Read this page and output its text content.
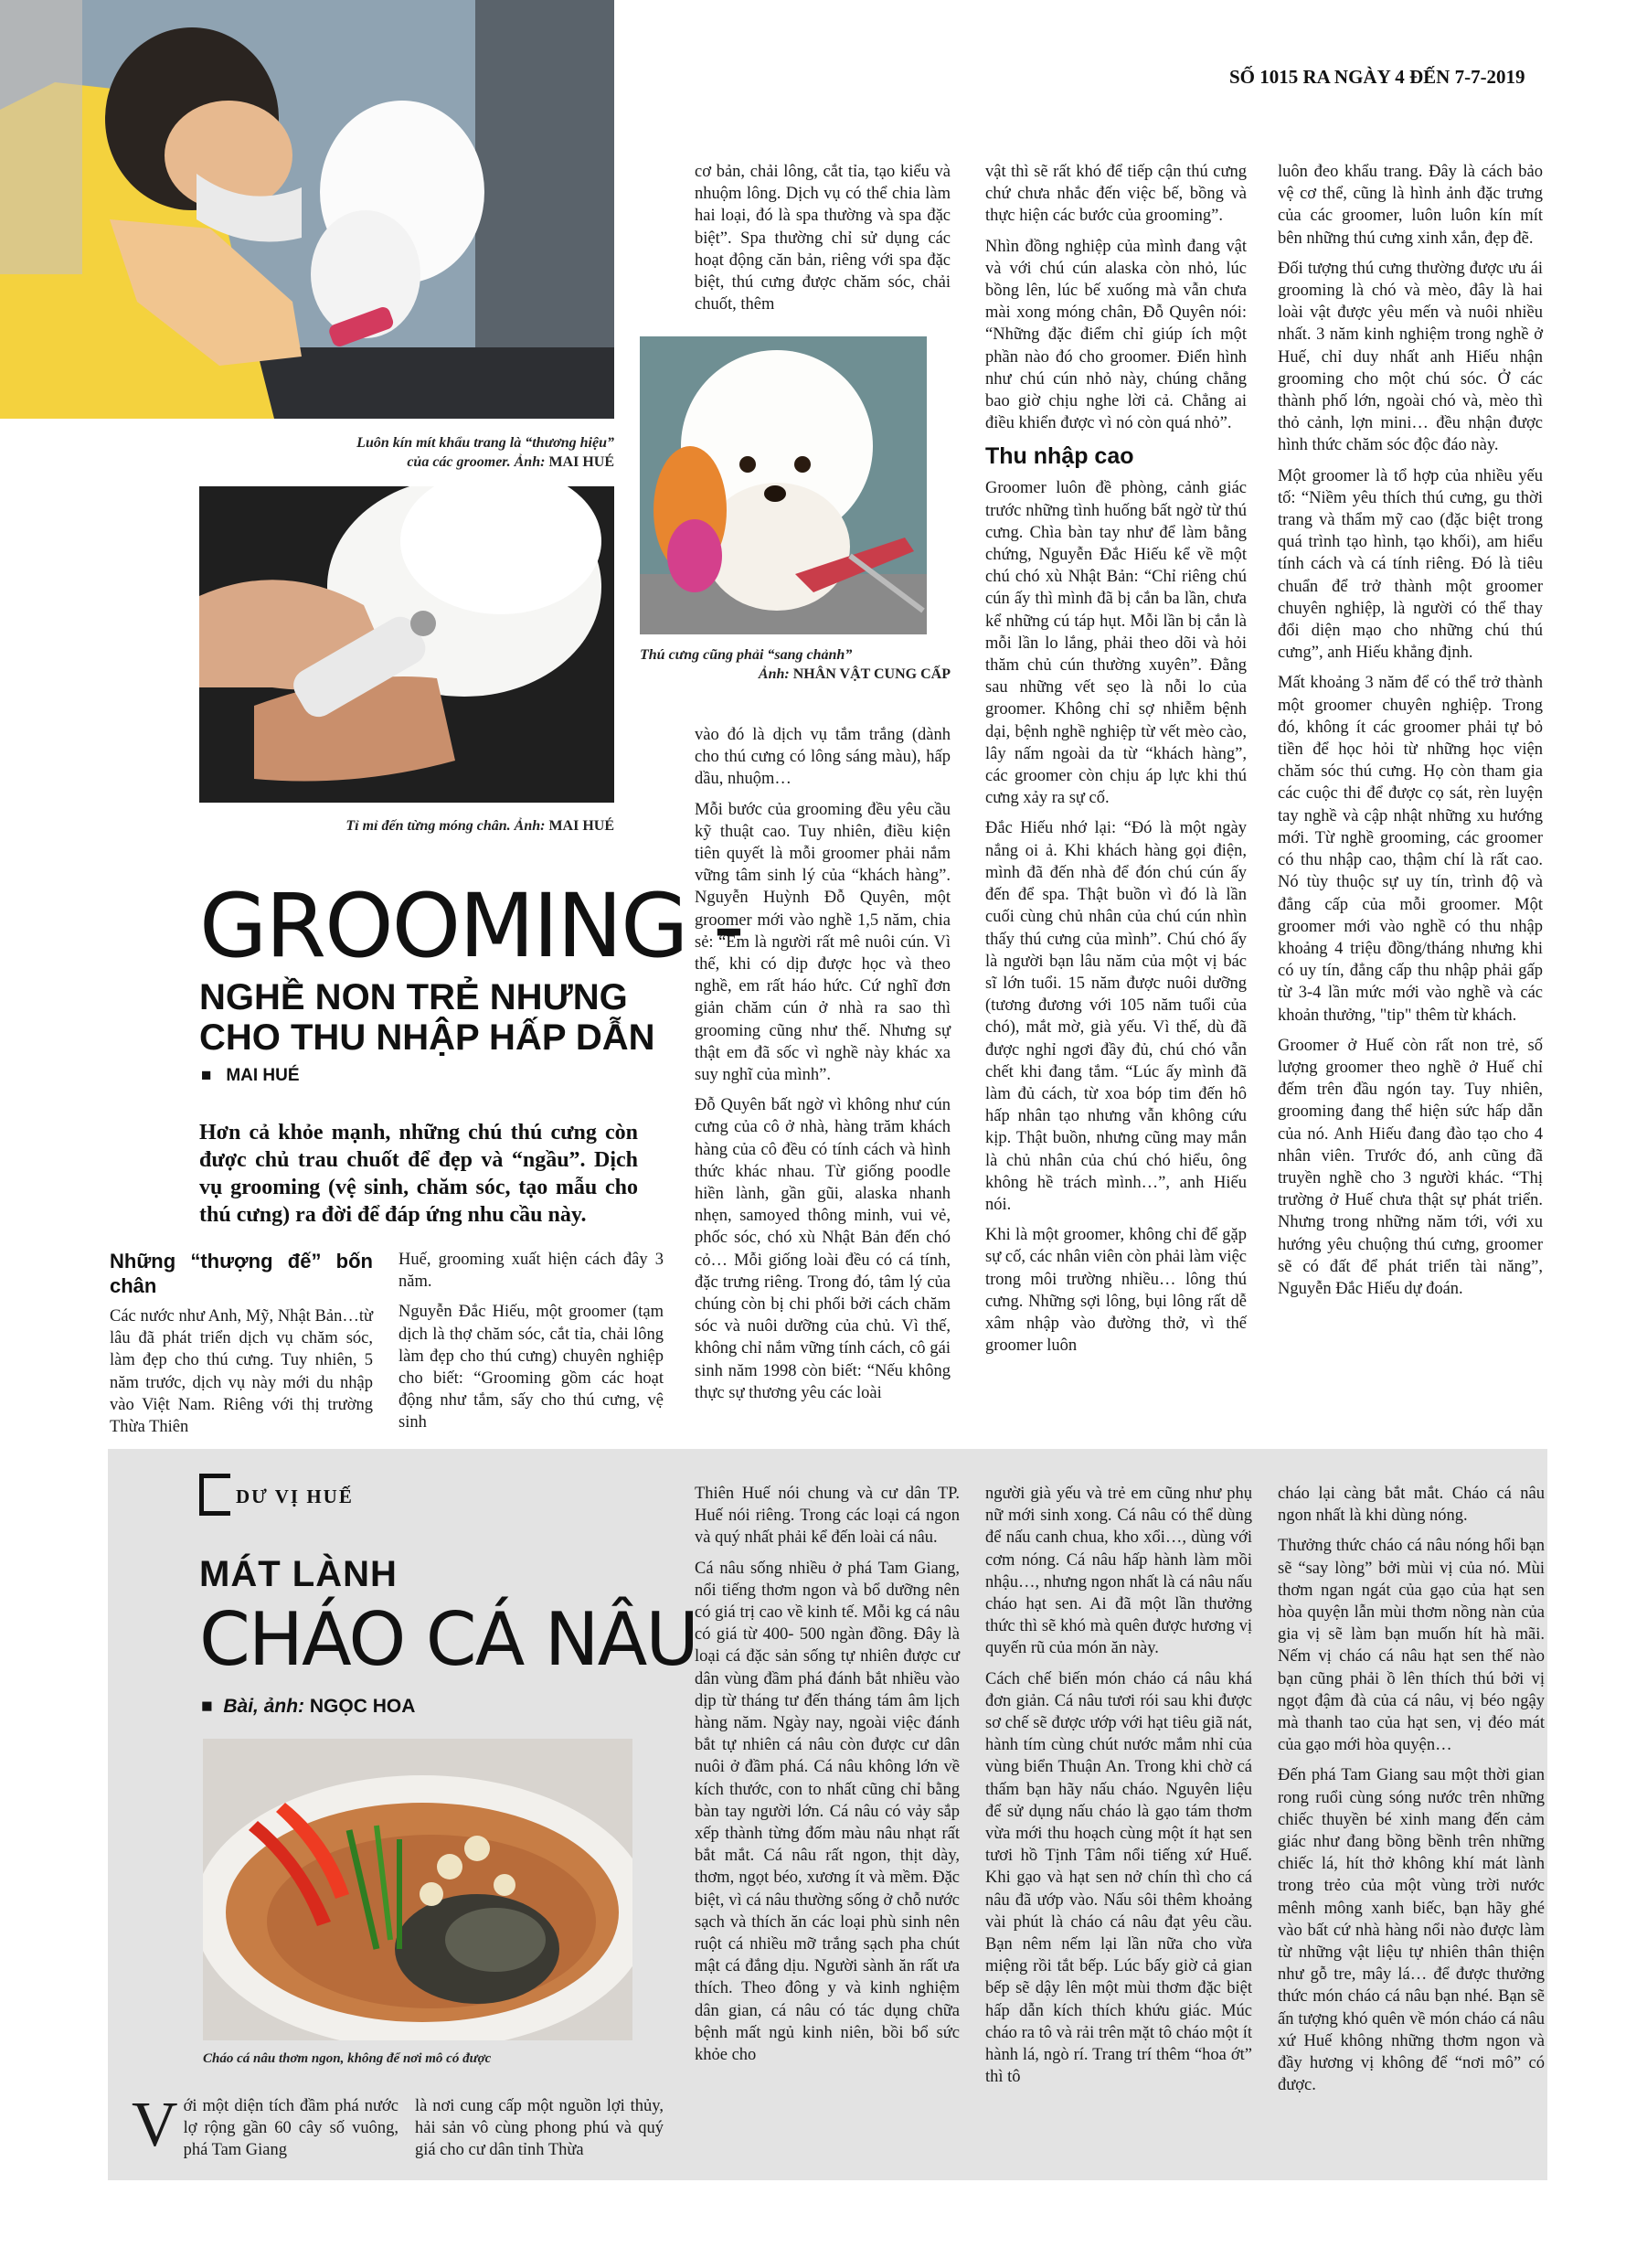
SỐ 1015 RA NGÀY 4 ĐẾN 7-7-2019
Luôn kín mít khẩu trang là “thương hiệu”
của các groomer. Ảnh: MAI HUÉ
Tỉ mỉ đến từng móng chân. Ảnh: MAI HUÉ
Thú cưng cũng phải “sang chảnh”
Ảnh: NHÂN VẬT CUNG CẤP
GROOMING -
NGHỀ NON TRẺ NHƯNG
CHO THU NHẬP HẤP DẪN
■ MAI HUÉ
Hơn cả khỏe mạnh, những chú thú cưng còn được chủ trau chuốt để đẹp và “ngầu”. Dịch vụ grooming (vệ sinh, chăm sóc, tạo mẫu cho thú cưng) ra đời để đáp ứng nhu cầu này.
Những “thượng đế” bốn chân

Các nước như Anh, Mỹ, Nhật Bản…từ lâu đã phát triển dịch vụ chăm sóc, làm đẹp cho thú cưng. Tuy nhiên, 5 năm trước, dịch vụ này mới du nhập vào Việt Nam. Riêng với thị trường Thừa Thiên

Huế, grooming xuất hiện cách đây 3 năm.

Nguyễn Đắc Hiếu, một groomer (tạm dịch là thợ chăm sóc, cắt tỉa, chải lông làm đẹp cho thú cưng) chuyên nghiệp cho biết: “Grooming gồm các hoạt động như tắm, sấy cho thú cưng, vệ sinh

cơ bản, chải lông, cắt tỉa, tạo kiểu và nhuộm lông. Dịch vụ có thể chia làm hai loại, đó là spa thường và spa đặc biệt”. Spa thường chỉ sử dụng các hoạt động căn bản, riêng với spa đặc biệt, thú cưng được chăm sóc, chải chuốt, thêm

vào đó là dịch vụ tắm trắng (dành cho thú cưng có lông sáng màu), hấp dầu, nhuộm…

Mỗi bước của grooming đều yêu cầu kỹ thuật cao. Tuy nhiên, điều kiện tiên quyết là mỗi groomer phải nắm vững tâm sinh lý của “khách hàng”. Nguyễn Huỳnh Đỗ Quyên, một groomer mới vào nghề 1,5 năm, chia sẻ: “Em là người rất mê nuôi cún. Vì thế, khi có dịp được học và theo nghề, em rất háo hức. Cứ nghĩ đơn giản chăm cún ở nhà ra sao thì grooming cũng như thế. Nhưng sự thật em đã sốc vì nghề này khác xa suy nghĩ của mình”.

Đỗ Quyên bất ngờ vì không như cún cưng của cô ở nhà, hàng trăm khách hàng của cô đều có tính cách và hình thức khác nhau. Từ giống poodle hiền lành, gần gũi, alaska nhanh nhẹn, samoyed thông minh, vui vẻ, phốc sóc, chó xù Nhật Bản đến chó cỏ… Mỗi giống loài đều có cá tính, đặc trưng riêng. Trong đó, tâm lý của chúng còn bị chi phối bởi cách chăm sóc và nuôi dưỡng của chủ. Vì thế, không chỉ nắm vững tính cách, cô gái sinh năm 1998 còn biết: “Nếu không thực sự thương yêu các loài

vật thì sẽ rất khó để tiếp cận thú cưng chứ chưa nhắc đến việc bế, bồng và thực hiện các bước của grooming”.

Nhìn đồng nghiệp của mình đang vật và với chú cún alaska còn nhỏ, lúc bồng lên, lúc bế xuống mà vẫn chưa mài xong móng chân, Đỗ Quyên nói: “Những đặc điểm chỉ giúp ích một phần nào đó cho groomer. Điển hình như chú cún nhỏ này, chúng chẳng bao giờ chịu nghe lời cả. Chẳng ai điều khiển được vì nó còn quá nhỏ”.

Thu nhập cao

Groomer luôn đề phòng, cảnh giác trước những tình huống bất ngờ từ thú cưng. Chìa bàn tay như để làm bằng chứng, Nguyễn Đắc Hiếu kể về một chú chó xù Nhật Bản: “Chỉ riêng chú cún ấy thì mình đã bị cắn ba lần, chưa kể những cú táp hụt. Mỗi lần bị cắn là mỗi lần lo lắng, phải theo dõi và hỏi thăm chủ cún thường xuyên”. Đằng sau những vết sẹo là nỗi lo của groomer. Không chỉ sợ nhiễm bệnh dại, bệnh nghề nghiệp từ vết mèo cào, lây nấm ngoài da từ “khách hàng”, các groomer còn chịu áp lực khi thú cưng xảy ra sự cố.

Đắc Hiếu nhớ lại: “Đó là một ngày nắng oi ả. Khi khách hàng gọi điện, mình đã đến nhà để đón chú cún ấy đến để spa. Thật buồn vì đó là lần cuối cùng chủ nhân của chú cún nhìn thấy thú cưng của mình”. Chú chó ấy là người bạn lâu năm của một vị bác sĩ lớn tuổi. 15 năm được nuôi dưỡng (tương đương với 105 năm tuổi của chó), mắt mờ, già yếu. Vì thế, dù đã được nghỉ ngơi đầy đủ, chú chó vẫn chết khi đang tắm. “Lúc ấy mình đã làm đủ cách, từ xoa bóp tim đến hô hấp nhân tạo nhưng vẫn không cứu kịp. Thật buồn, nhưng cũng may mắn là chủ nhân của chú chó hiểu, ông không hề trách mình…”, anh Hiếu nói.

Khi là một groomer, không chỉ để gặp sự cố, các nhân viên còn phải làm việc trong môi trường nhiều… lông thú cưng. Những sợi lông, bụi lông rất dễ xâm nhập vào đường thở, vì thế groomer luôn

luôn đeo khẩu trang. Đây là cách bảo vệ cơ thể, cũng là hình ảnh đặc trưng của các groomer, luôn luôn kín mít bên những thú cưng xinh xắn, đẹp đẽ.

Đối tượng thú cưng thường được ưu ái grooming là chó và mèo, đây là hai loài vật được yêu mến và nuôi nhiều nhất. 3 năm kinh nghiệm trong nghề ở Huế, chỉ duy nhất anh Hiếu nhận grooming cho một chú sóc. Ở các thành phố lớn, ngoài chó và, mèo thì thỏ cảnh, lợn mini… đều nhận được hình thức chăm sóc độc đáo này.

Một groomer là tổ hợp của nhiều yếu tố: “Niềm yêu thích thú cưng, gu thời trang và thẩm mỹ cao (đặc biệt trong quá trình tạo hình, tạo khối), am hiểu tính cách và cá tính riêng. Đó là tiêu chuẩn để trở thành một groomer chuyên nghiệp, là người có thể thay đổi diện mạo cho những chú thú cưng”, anh Hiếu khẳng định.

Mất khoảng 3 năm để có thể trở thành một groomer chuyên nghiệp. Trong đó, không ít các groomer phải tự bỏ tiền để học hỏi từ những học viện chăm sóc thú cưng. Họ còn tham gia các cuộc thi để được cọ sát, rèn luyện tay nghề và cập nhật những xu hướng mới. Từ nghề grooming, các groomer có thu nhập cao, thậm chí là rất cao. Nó tùy thuộc sự uy tín, trình độ và đẳng cấp của mỗi groomer. Một groomer mới vào nghề có thu nhập khoảng 4 triệu đồng/tháng nhưng khi có uy tín, đẳng cấp thu nhập phải gấp từ 3-4 lần mức mới vào nghề và các khoản thưởng, "tip" thêm từ khách.

Groomer ở Huế còn rất non trẻ, số lượng groomer theo nghề ở Huế chỉ đếm trên đầu ngón tay. Tuy nhiên, grooming đang thể hiện sức hấp dẫn của nó. Anh Hiếu đang đào tạo cho 4 nhân viên. Trước đó, anh cũng đã truyền nghề cho 3 người khác. “Thị trường ở Huế chưa thật sự phát triển. Nhưng trong những năm tới, với xu hướng yêu chuộng thú cưng, groomer sẽ có đất để phát triển tài năng”, Nguyễn Đắc Hiếu dự đoán.

DƯ VỊ HUẾ
MÁT LÀNH
CHÁO CÁ NÂU
■ Bài, ảnh: NGỌC HOA
Cháo cá nâu thơm ngon, không để nơi mô có được

Với một diện tích đầm phá nước lợ rộng gần 60 cây số vuông, phá Tam Giang

là nơi cung cấp một nguồn lợi thủy, hải sản vô cùng phong phú và quý giá cho cư dân tỉnh Thừa

Thiên Huế nói chung và cư dân TP. Huế nói riêng. Trong các loại cá ngon và quý nhất phải kể đến loài cá nâu.

Cá nâu sống nhiều ở phá Tam Giang, nổi tiếng thơm ngon và bổ dưỡng nên có giá trị cao về kinh tế. Mỗi kg cá nâu có giá từ 400- 500 ngàn đồng. Đây là loại cá đặc sản sống tự nhiên được cư dân vùng đầm phá đánh bắt nhiều vào dịp từ tháng tư đến tháng tám âm lịch hàng năm. Ngày nay, ngoài việc đánh bắt tự nhiên cá nâu còn được cư dân nuôi ở đầm phá. Cá nâu không lớn về kích thước, con to nhất cũng chỉ bằng bàn tay người lớn. Cá nâu có vảy sắp xếp thành từng đốm màu nâu nhạt rất bắt mắt. Cá nâu rất ngon, thịt dày, thơm, ngọt béo, xương ít và mềm. Đặc biệt, vì cá nâu thường sống ở chỗ nước sạch và thích ăn các loại phù sinh nên ruột cá nhiều mỡ trắng sạch pha chút mật cá đắng dịu. Người sành ăn rất ưa thích. Theo đông y và kinh nghiệm dân gian, cá nâu có tác dụng chữa bệnh mất ngủ kinh niên, bồi bổ sức khỏe cho

người già yếu và trẻ em cũng như phụ nữ mới sinh xong. Cá nâu có thể dùng để nấu canh chua, kho xổi…, dùng với cơm nóng. Cá nâu hấp hành làm mồi nhậu…, nhưng ngon nhất là cá nâu nấu cháo hạt sen. Ai đã một lần thưởng thức thì sẽ khó mà quên được hương vị quyến rũ của món ăn này.

Cách chế biến món cháo cá nâu khá đơn giản. Cá nâu tươi rói sau khi được sơ chế sẽ được ướp với hạt tiêu giã nát, hành tím cùng chút nước mắm nhỉ của vùng biển Thuận An. Trong khi chờ cá thấm bạn hãy nấu cháo. Nguyên liệu để sử dụng nấu cháo là gạo tám thơm vừa mới thu hoạch cùng một ít hạt sen tươi hồ Tịnh Tâm nổi tiếng xứ Huế. Khi gạo và hạt sen nở chín thì cho cá nâu đã ướp vào. Nấu sôi thêm khoảng vài phút là cháo cá nâu đạt yêu cầu. Bạn nêm nếm lại lần nữa cho vừa miệng rồi tắt bếp. Lúc bấy giờ cả gian bếp sẽ dậy lên một mùi thơm đặc biệt hấp dẫn kích thích khứu giác. Múc cháo ra tô và rải trên mặt tô cháo một ít hành lá, ngò rí. Trang trí thêm “hoa ớt” thì tô

cháo lại càng bắt mắt. Cháo cá nâu ngon nhất là khi dùng nóng.

Thưởng thức cháo cá nâu nóng hổi bạn sẽ “say lòng” bởi mùi vị của nó. Mùi thơm ngan ngát của gạo của hạt sen hòa quyện lẫn mùi thơm nồng nàn của gia vị sẽ làm bạn muốn hít hà mãi. Nếm vị cháo cá nâu hạt sen thế nào bạn cũng phải ồ lên thích thú bởi vị ngọt đậm đà của cá nâu, vị béo ngậy mà thanh tao của hạt sen, vị đéo mát của gạo mới hòa quyện…

Đến phá Tam Giang sau một thời gian rong ruổi cùng sóng nước trên những chiếc thuyền bé xinh mang đến cảm giác như đang bồng bềnh trên những chiếc lá, hít thở không khí mát lành trong trẻo của một vùng trời nước mênh mông xanh biếc, bạn hãy ghé vào bất cứ nhà hàng nổi nào được làm từ những vật liệu tự nhiên thân thiện như gỗ tre, mây lá… để được thưởng thức món cháo cá nâu bạn nhé. Bạn sẽ ấn tượng khó quên về món cháo cá nâu xứ Huế không những thơm ngon và đầy hương vị không để “nơi mô” có được.
